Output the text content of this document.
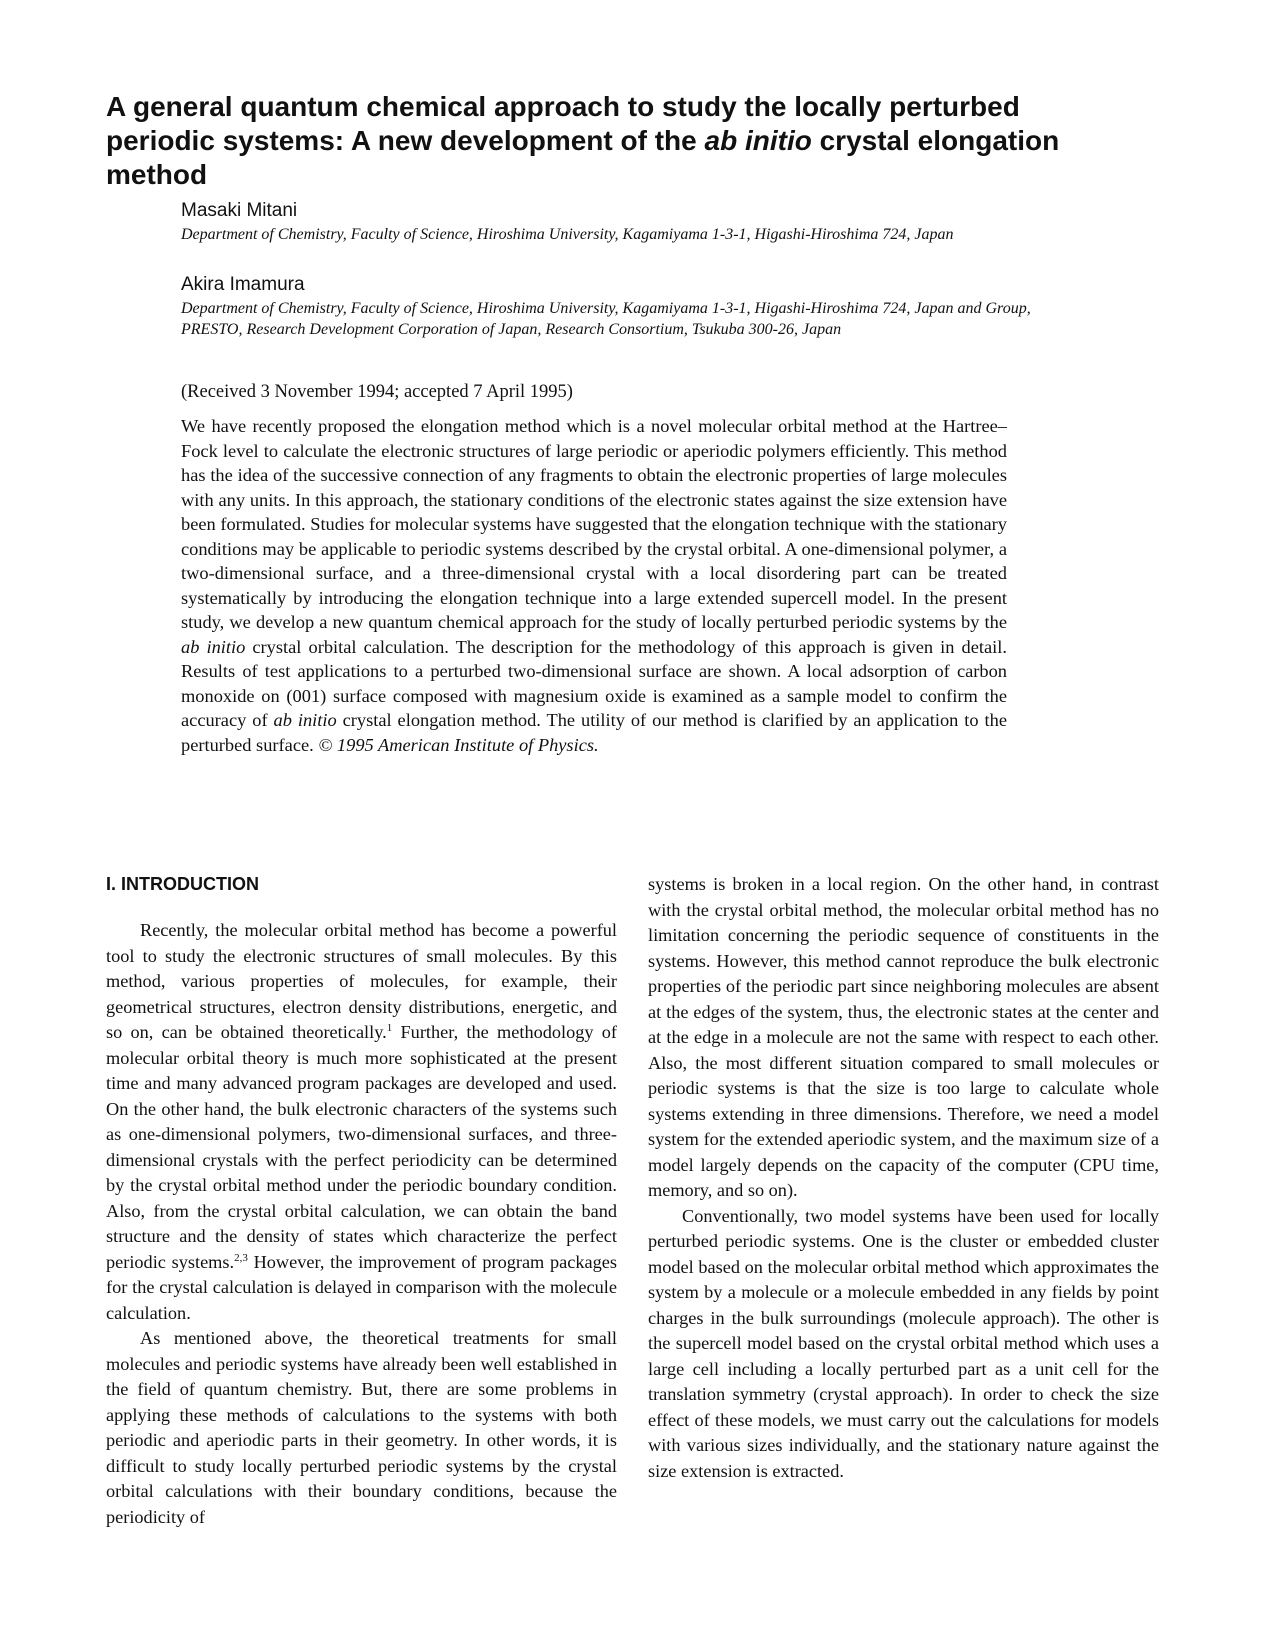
A general quantum chemical approach to study the locally perturbed periodic systems: A new development of the ab initio crystal elongation method

Masaki Mitani

Department of Chemistry, Faculty of Science, Hiroshima University, Kagamiyama 1-3-1, Higashi-Hiroshima 724, Japan

Akira Imamura

Department of Chemistry, Faculty of Science, Hiroshima University, Kagamiyama 1-3-1, Higashi-Hiroshima 724, Japan and Group, PRESTO, Research Development Corporation of Japan, Research Consortium, Tsukuba 300-26, Japan

(Received 3 November 1994; accepted 7 April 1995)

We have recently proposed the elongation method which is a novel molecular orbital method at the Hartree–Fock level to calculate the electronic structures of large periodic or aperiodic polymers efficiently. This method has the idea of the successive connection of any fragments to obtain the electronic properties of large molecules with any units. In this approach, the stationary conditions of the electronic states against the size extension have been formulated. Studies for molecular systems have suggested that the elongation technique with the stationary conditions may be applicable to periodic systems described by the crystal orbital. A one-dimensional polymer, a two-dimensional surface, and a three-dimensional crystal with a local disordering part can be treated systematically by introducing the elongation technique into a large extended supercell model. In the present study, we develop a new quantum chemical approach for the study of locally perturbed periodic systems by the ab initio crystal orbital calculation. The description for the methodology of this approach is given in detail. Results of test applications to a perturbed two-dimensional surface are shown. A local adsorption of carbon monoxide on (001) surface composed with magnesium oxide is examined as a sample model to confirm the accuracy of ab initio crystal elongation method. The utility of our method is clarified by an application to the perturbed surface. © 1995 American Institute of Physics.

I. INTRODUCTION

Recently, the molecular orbital method has become a powerful tool to study the electronic structures of small molecules. By this method, various properties of molecules, for example, their geometrical structures, electron density distributions, energetic, and so on, can be obtained theoretically.$^1$ Further, the methodology of molecular orbital theory is much more sophisticated at the present time and many advanced program packages are developed and used. On the other hand, the bulk electronic characters of the systems such as one-dimensional polymers, two-dimensional surfaces, and three-dimensional crystals with the perfect periodicity can be determined by the crystal orbital method under the periodic boundary condition. Also, from the crystal orbital calculation, we can obtain the band structure and the density of states which characterize the perfect periodic systems.$^{2,3}$ However, the improvement of program packages for the crystal calculation is delayed in comparison with the molecule calculation.

As mentioned above, the theoretical treatments for small molecules and periodic systems have already been well established in the field of quantum chemistry. But, there are some problems in applying these methods of calculations to the systems with both periodic and aperiodic parts in their geometry. In other words, it is difficult to study locally perturbed periodic systems by the crystal orbital calculations with their boundary conditions, because the periodicity of

systems is broken in a local region. On the other hand, in contrast with the crystal orbital method, the molecular orbital method has no limitation concerning the periodic sequence of constituents in the systems. However, this method cannot reproduce the bulk electronic properties of the periodic part since neighboring molecules are absent at the edges of the system, thus, the electronic states at the center and at the edge in a molecule are not the same with respect to each other. Also, the most different situation compared to small molecules or periodic systems is that the size is too large to calculate whole systems extending in three dimensions. Therefore, we need a model system for the extended aperiodic system, and the maximum size of a model largely depends on the capacity of the computer (CPU time, memory, and so on).

Conventionally, two model systems have been used for locally perturbed periodic systems. One is the cluster or embedded cluster model based on the molecular orbital method which approximates the system by a molecule or a molecule embedded in any fields by point charges in the bulk surroundings (molecule approach). The other is the supercell model based on the crystal orbital method which uses a large cell including a locally perturbed part as a unit cell for the translation symmetry (crystal approach). In order to check the size effect of these models, we must carry out the calculations for models with various sizes individually, and the stationary nature against the size extension is extracted.
